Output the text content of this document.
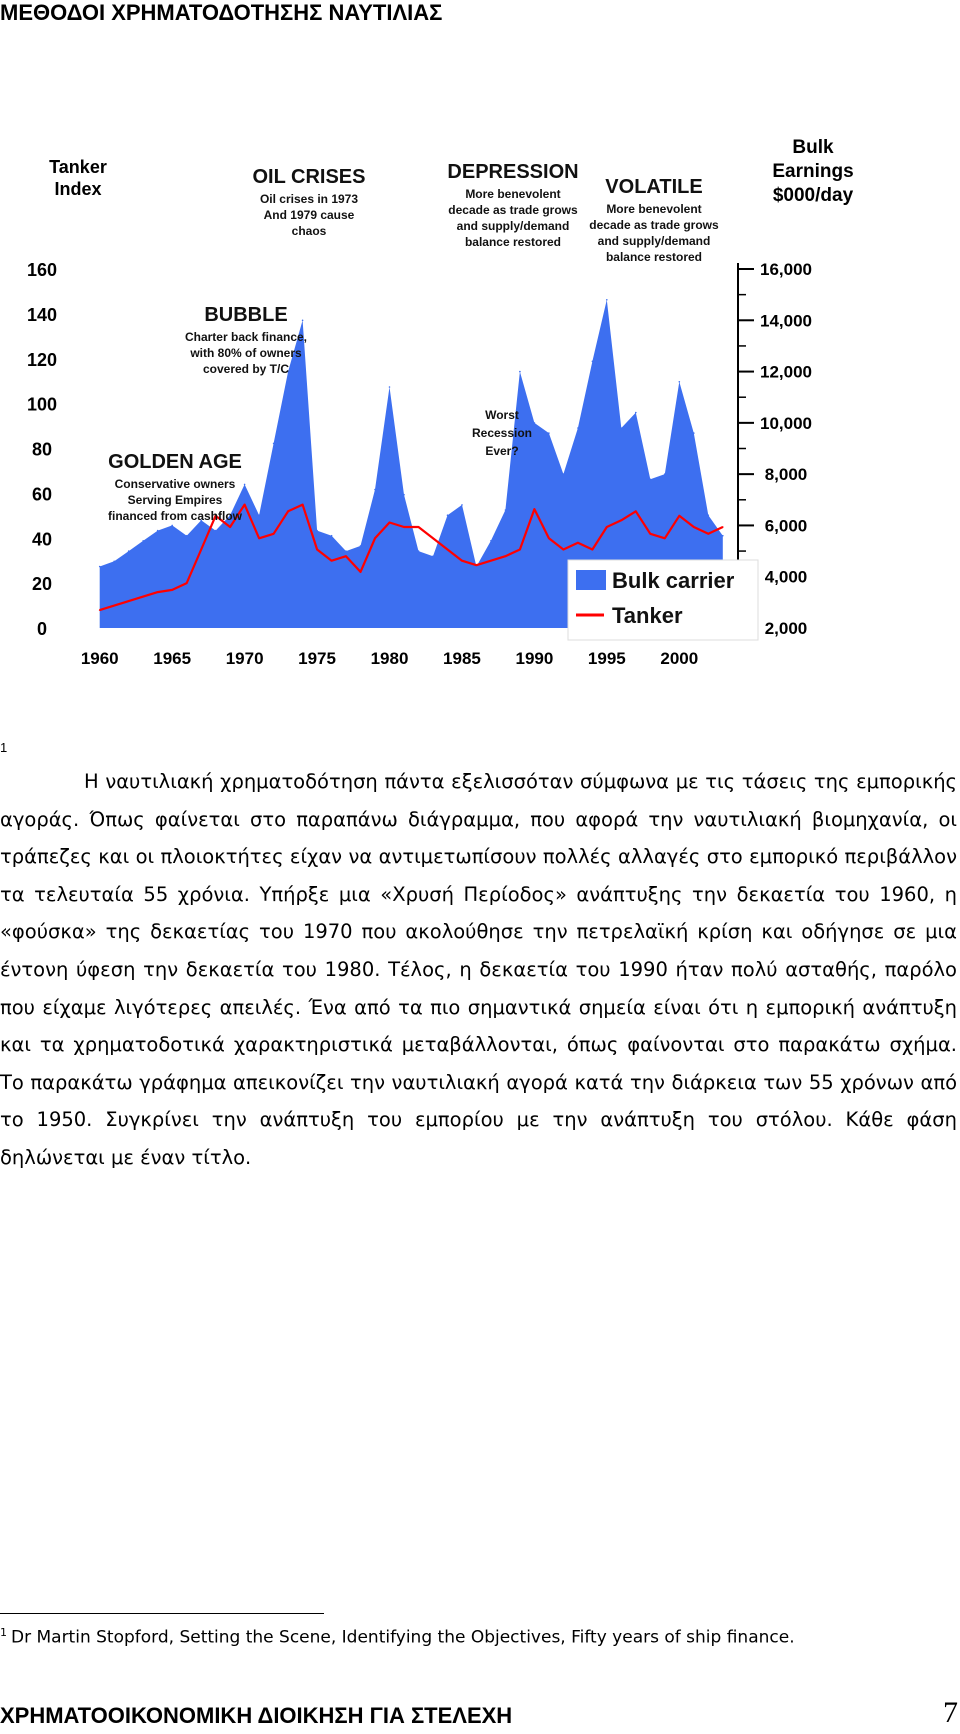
ΜΕΘΟΔΟΙ ΧΡΗΜΑΤΟΔΟΤΗΣΗΣ ΝΑΥΤΙΛΙΑΣ
2,000
4,000
6,000
8,000
10,000
12,000
14,000
16,000
0
20
40
60
80
100
120
140
160
1960 1965 1970 1975 1980 1985 1990 1995 2000
Tanker
Index
Bulk
Earnings
$000/day
GOLDEN AGE
Conservative owners
Serving Empires
financed from cashflow
BUBBLE
Charter back finance,
with 80% of owners
covered by T/C
OIL CRISES
Oil crises in 1973
And 1979 cause
chaos
DEPRESSION
More benevolent
decade as trade grows
and supply/demand
balance restored
Worst
Recession
Ever?
VOLATILE
More benevolent
decade as trade grows
and supply/demand
balance restored
Bulk carrier
Tanker
1

Η ναυτιλιακή χρηματοδότηση πάντα εξελισσόταν σύμφωνα με τις τάσεις της εμπορικής αγοράς. Όπως φαίνεται στο παραπάνω διάγραμμα, που αφορά την ναυτιλιακή βιομηχανία, οι τράπεζες και οι πλοιοκτήτες είχαν να αντιμετωπίσουν πολλές αλλαγές στο εμπορικό περιβάλλον τα τελευταία 55 χρόνια. Υπήρξε μια «Χρυσή Περίοδος» ανάπτυξης την δεκαετία του 1960, η «φούσκα» της δεκαετίας του 1970 που ακολούθησε την πετρελαϊκή κρίση και οδήγησε σε μια έντονη ύφεση την δεκαετία του 1980. Τέλος, η δεκαετία του 1990 ήταν πολύ ασταθής, παρόλο που είχαμε λιγότερες απειλές. Ένα από τα πιο σημαντικά σημεία είναι ότι η εμπορική ανάπτυξη και τα χρηματοδοτικά χαρακτηριστικά μεταβάλλονται, όπως φαίνονται στο παρακάτω σχήμα. Το παρακάτω γράφημα απεικονίζει την ναυτιλιακή αγορά κατά την διάρκεια των 55 χρόνων από το 1950. Συγκρίνει την ανάπτυξη του εμπορίου με την ανάπτυξη του στόλου. Κάθε φάση δηλώνεται με έναν τίτλο.

$^1$ Dr Martin Stopford, Setting the Scene, Identifying the Objectives, Fifty years of ship finance.

ΧΡΗΜΑΤΟΟΙΚΟΝΟΜΙΚΗ ΔΙΟΙΚΗΣΗ ΓΙΑ ΣΤΕΛΕΧΗ	7
